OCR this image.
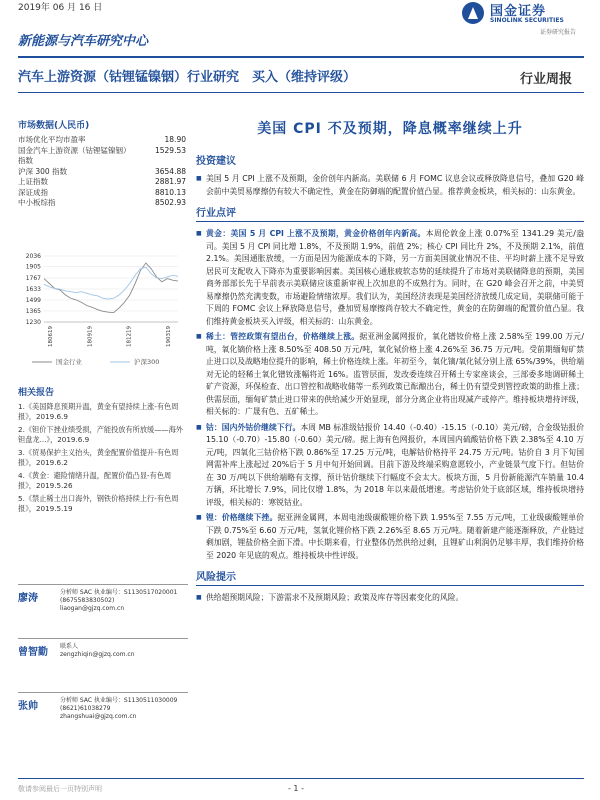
2019年 06 月 16 日	国金证券
SINOLINK SECURITIES
证券研究报告
新能源与汽车研究中心
汽车上游资源（钴锂锰镍铟）行业研究　买入（维持评级）	行业周报
市场数据(人民币)
市场优化平均市盈率	18.90
国金汽车上游资源（钴锂锰镍铟）指数
1529.53
沪深 300 指数	3654.88
上证指数	2881.97
深证成指	8810.13
中小板综指	8502.93
2036
1905
1767
1633
1499
1365
1230
180619	180919	181219	190319
国金行业	沪深300
相关报告
1.《美国降息预期升温，黄金有望持续上涨-有色周报》，2019.6.9
2.《钽价下挫业绩受损，产能投放有所放缓——海外钽盘龙...》，2019.6.9
3.《贸易保护主义抬头，黄金配置价值提升-有色周报》，2019.6.2
4.《黄金：避险情绪升温，配置价值凸显-有色周报》，2019.5.26
5.《禁止稀土出口海外，钢铁价格持续上行-有色周报》，2019.5.19
廖涛
分析师 SAC 执业编号：S1130517020001
(8675583830502)
liaogan@gjzq.com.cn
曾智勤
联系人
zengzhiqin@gjzq.com.cn
张帅
分析师 SAC 执业编号：S1130511030009
(8621)61038279
zhangshuai@gjzq.com.cn
美国 CPI 不及预期，降息概率继续上升
投资建议
■ 美国 5 月 CPI 上涨不及预期，金价创年内新高。美联储 6 月 FOMC 议息会议或释放降息信号，叠加 G20 峰会前中美贸易摩擦仍有较大不确定性，黄金在防御端的配置价值凸显。推荐黄金板块，相关标的：山东黄金。
行业点评
■ 黄金：美国 5 月 CPI 上涨不及预期，黄金价格创年内新高。本周伦敦金上涨 0.07%至 1341.29 美元/盎司。美国 5 月 CPI 同比增 1.8%，不及预期 1.9%，前值 2%；核心 CPI 同比升 2%，不及预期 2.1%，前值 2.1%。美国通胀放缓，一方面是因为能源成本的下降，另一方面美国就业情况不佳、平均时薪上涨不足导致居民可支配收入下降亦为重要影响因素。美国核心通胀疲软态势的延续提升了市场对美联储降息的预期，美国商务部部长先于早前表示美联储应该重新审视上次加息的不成熟行为。同时，在 G20 峰会召开之前，中美贸易摩擦仍然充满变数，市场避险情绪浓厚。我们认为，美国经济表现是美国经济放缓几成定局，美联储可能于下周的 FOMC 会议上释放降息信号，叠加贸易摩擦尚存较大不确定性，黄金的在防御端的配置价值凸显。我们维持黄金板块买入评级，相关标的：山东黄金。
■ 稀土：管控政策有望出台，价格继续上涨。据亚洲金属网报价，氧化镨钕价格上涨 2.58%至 199.00 万元/吨，氧化镝价格上涨 8.50%至 408.50 万元/吨，氧化铽价格上涨 4.26%至 36.75 万元/吨。受前期缅甸矿禁止进口以及战略地位提升的影响，稀土价格连续上涨。年初至今，氧化镝/氧化铽分别上涨 65%/39%，供给端对无论的轻稀土氧化镨钕涨幅将近 16%。监管层面，发改委连续召开稀土专家座谈会，三部委多地调研稀土矿产资源，环保检查、出口管控和战略收储等一系列政策已酝酿出台，稀土仍有望受到管控政策的助推上涨；供需层面，缅甸矿禁止进口带来的供给减少开始显现，部分分离企业将出现减产或停产。维持板块增持评级，相关标的：广晟有色、五矿稀土。
■ 钴：国内外钴价继续下行。本周 MB 标准级钴报价 14.40（-0.40）-15.15（-0.10）美元/磅，合金级钴报价 15.10（-0.70）-15.80（-0.60）美元/磅。据上海有色网报价，本周国内硫酸钴价格下跌 2.38%至 4.10 万元/吨，四氧化三钴价格下跌 0.86%至 17.25 万元/吨，电解钴价格持平 24.75 万元/吨。钴价自 3 月下旬国网需补库上涨起过 20%后于 5 月中旬开始回调。目前下游及终端采购意愿较小，产业链景气度下行。但钴价在 30 万/吨以下供给端略有支撑，预计钴价继续下行幅度不会太大。板块方面，5 月份新能源汽车销量 10.4 万辆，环比增长 7.9%，同比仅增 1.8%，为 2018 年以来最低增速。考虑钴价处于底部区域，维持板块增持评级，相关标的：寒锐钴业。
■ 锂：价格继续下挫。据亚洲金属网，本周电池级碳酸锂价格下跌 1.95%至 7.55 万元/吨，工业级碳酸锂单价下跌 0.75%至 6.60 万元/吨，氢氧化锂价格下跌 2.26%至 8.65 万元/吨。随着新建产能逐渐释放，产业链过剩加剧，锂盐价格全面下滑。中长期来看，行业整体仍然供给过剩，且锂矿山利润仍足够丰厚，我们维持价格至 2020 年见底的观点。维持板块中性评级。
风险提示
■ 供给超预期风险；下游需求不及预期风险；政策及库存等因素变化的风险。
敬请参阅最后一页特别声明	- 1 -
